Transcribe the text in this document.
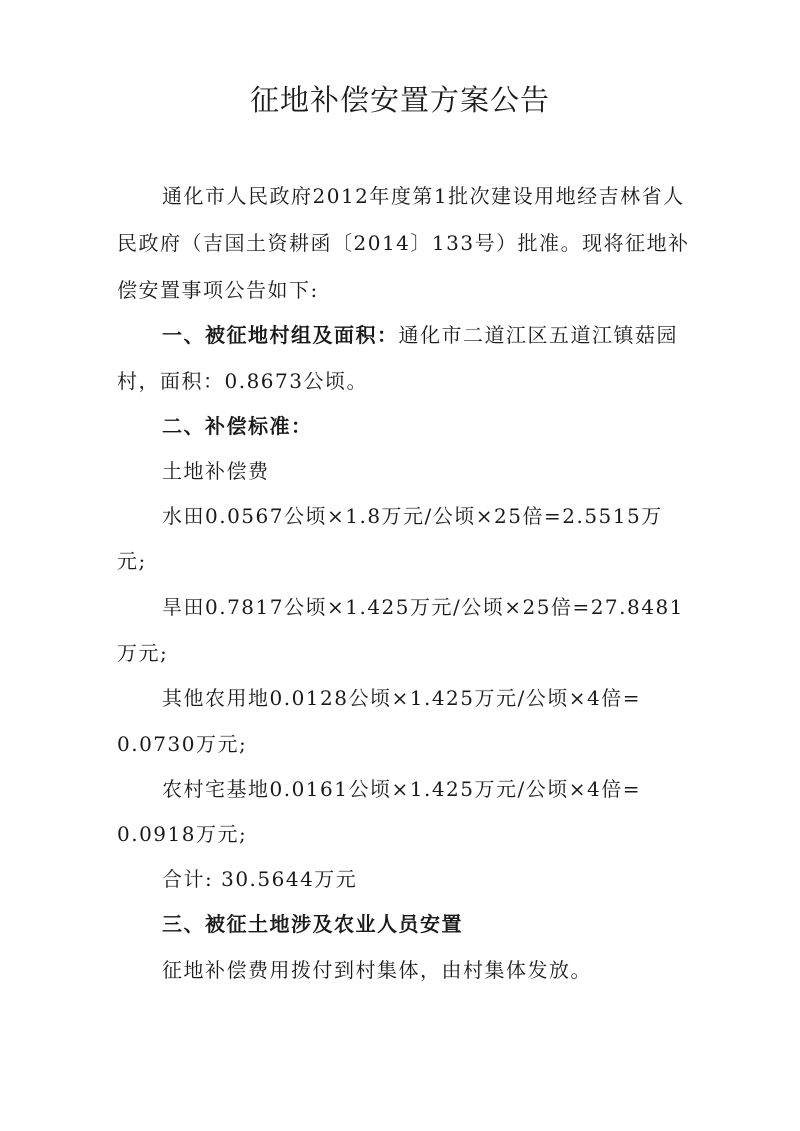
征地补偿安置方案公告

通化市人民政府2012年度第1批次建设用地经吉林省人

民政府（吉国土资耕函〔2014〕133号）批准。现将征地补

偿安置事项公告如下:

一、被征地村组及面积：通化市二道江区五道江镇菇园

村，面积：0.8673公顷。

二、补偿标准：

土地补偿费

水田0.0567公顷×1.8万元/公顷×25倍=2.5515万

元;

旱田0.7817公顷×1.425万元/公顷×25倍=27.8481

万元;

其他农用地0.0128公顷×1.425万元/公顷×4倍=

0.0730万元;

农村宅基地0.0161公顷×1.425万元/公顷×4倍=

0.0918万元;

合计: 30.5644万元

三、被征土地涉及农业人员安置

征地补偿费用拨付到村集体，由村集体发放。
